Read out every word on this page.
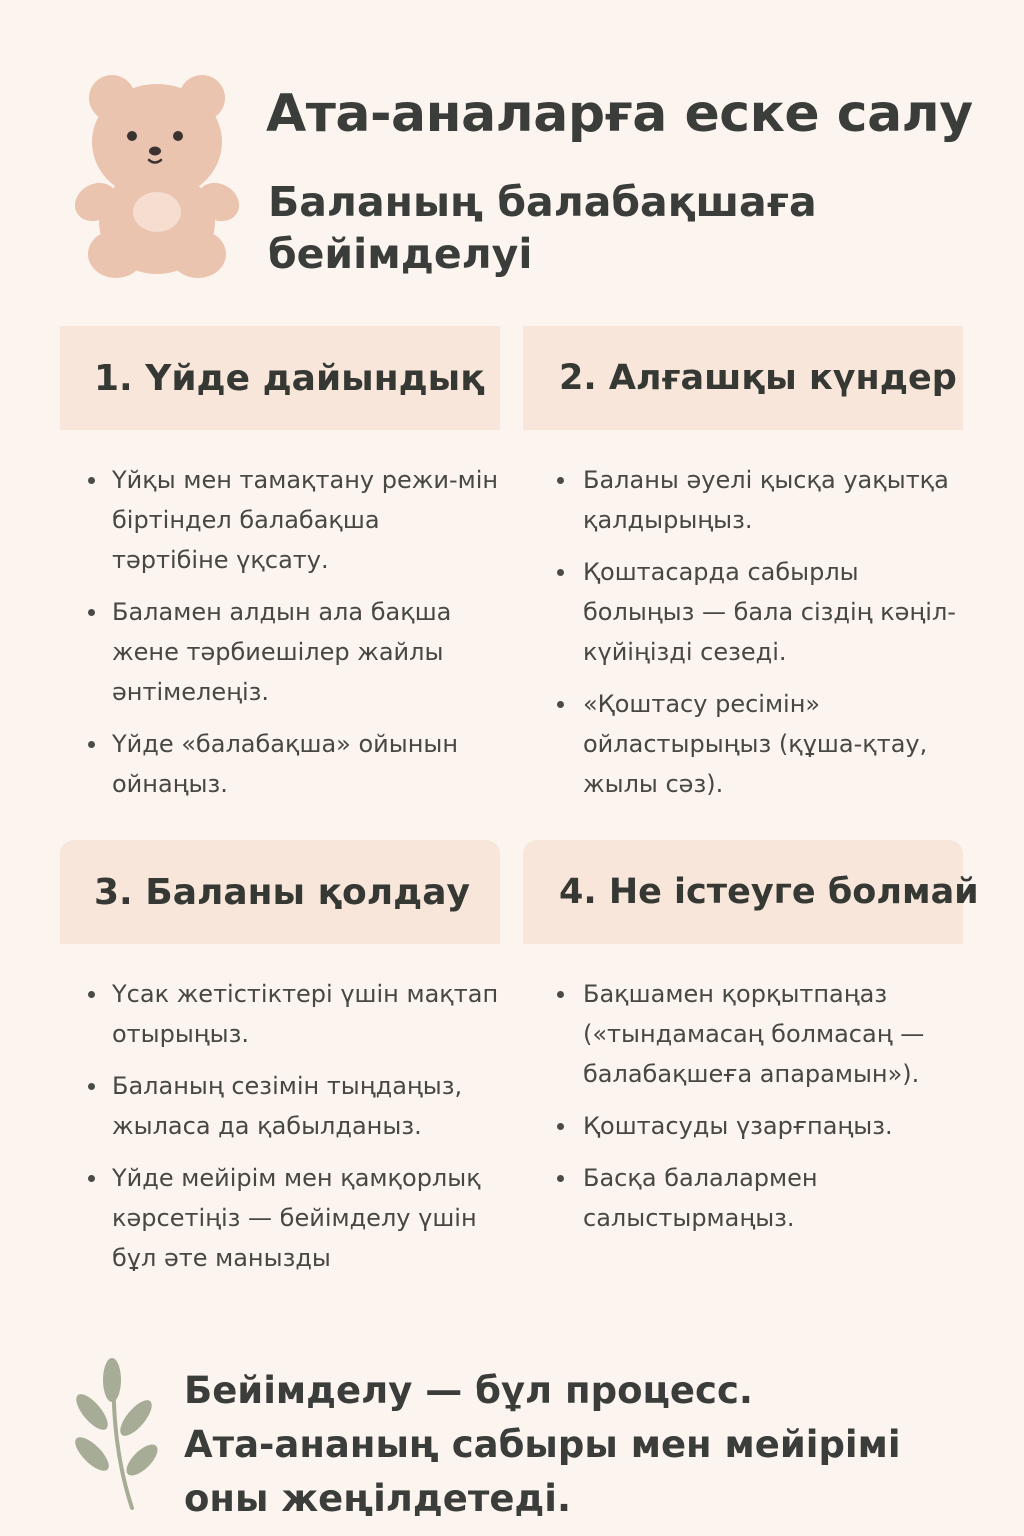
Ата-аналарға еске салу
Баланың балабақшаға бейімделуі
1. Үйде дайындық
Үйқы мен тамақтану режи-мін біртіндел балабақша тәртібіне үқсату.
Баламен алдын ала бақша жене тәрбиешілер жайлы әнтімелеңіз.
Үйде «балабақша» ойынын ойнаңыз.
2. Алғашқы күндер
Баланы әуелі қысқа уақытқа қалдырыңыз.
Қоштасарда сабырлы болыңыз — бала сіздің кәңіл-күйіңізді сезеді.
«Қоштасу ресімін» ойластырыңыз (құша-қтау, жылы сәз).
3. Баланы қолдау
Үсак жетістіктері үшін мақтап отырыңыз.
Баланың сезімін тыңдаңыз, жыласа да қабылданыз.
Үйде мейірім мен қамқорлық кәрсетіңіз — бейімделу үшін бұл әте манызды
4. Не істеуге болмай
Бақшамен қорқытпаңаз («тындамасаң болмасаң — балабақшеға апарамын»).
Қоштасуды үзарғпаңыз.
Басқа балалармен салыстырмаңыз.

Бейімделу — бұл процесс.
Ата-ананың сабыры мен мейірімі
оны жеңілдетеді.
